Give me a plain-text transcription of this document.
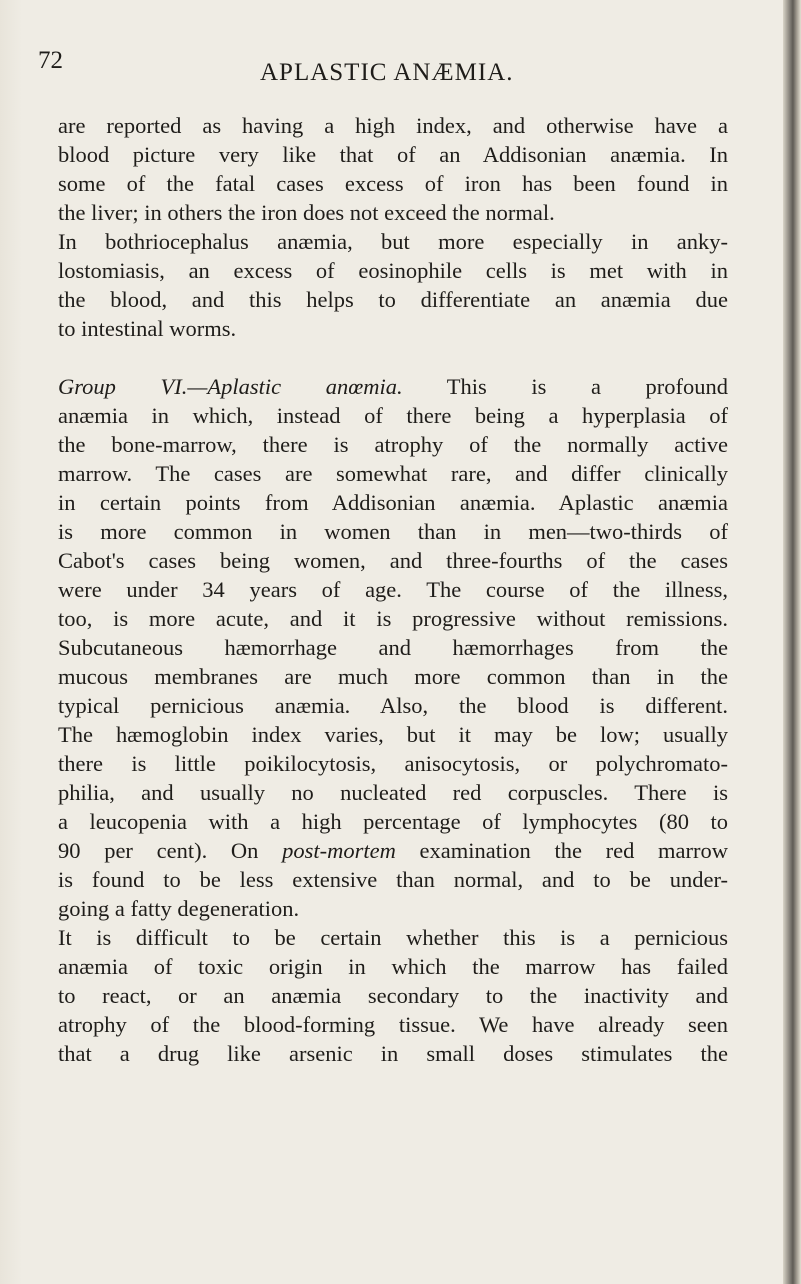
72	APLASTIC ANÆMIA.
are reported as having a high index, and otherwise have a
blood picture very like that of an Addisonian anæmia. In
some of the fatal cases excess of iron has been found in
the liver; in others the iron does not exceed the normal.
In bothriocephalus anæmia, but more especially in anky-
lostomiasis, an excess of eosinophile cells is met with in
the blood, and this helps to differentiate an anæmia due
to intestinal worms.
Group VI.—Aplastic anœmia. This is a profound
anæmia in which, instead of there being a hyperplasia of
the bone-marrow, there is atrophy of the normally active
marrow. The cases are somewhat rare, and differ clinically
in certain points from Addisonian anæmia. Aplastic anæmia
is more common in women than in men—two-thirds of
Cabot's cases being women, and three-fourths of the cases
were under 34 years of age. The course of the illness,
too, is more acute, and it is progressive without remissions.
Subcutaneous hæmorrhage and hæmorrhages from the
mucous membranes are much more common than in the
typical pernicious anæmia. Also, the blood is different.
The hæmoglobin index varies, but it may be low; usually
there is little poikilocytosis, anisocytosis, or polychromato-
philia, and usually no nucleated red corpuscles. There is
a leucopenia with a high percentage of lymphocytes (80 to
90 per cent). On post-mortem examination the red marrow
is found to be less extensive than normal, and to be under-
going a fatty degeneration.
It is difficult to be certain whether this is a pernicious
anæmia of toxic origin in which the marrow has failed
to react, or an anæmia secondary to the inactivity and
atrophy of the blood-forming tissue. We have already seen
that a drug like arsenic in small doses stimulates the
